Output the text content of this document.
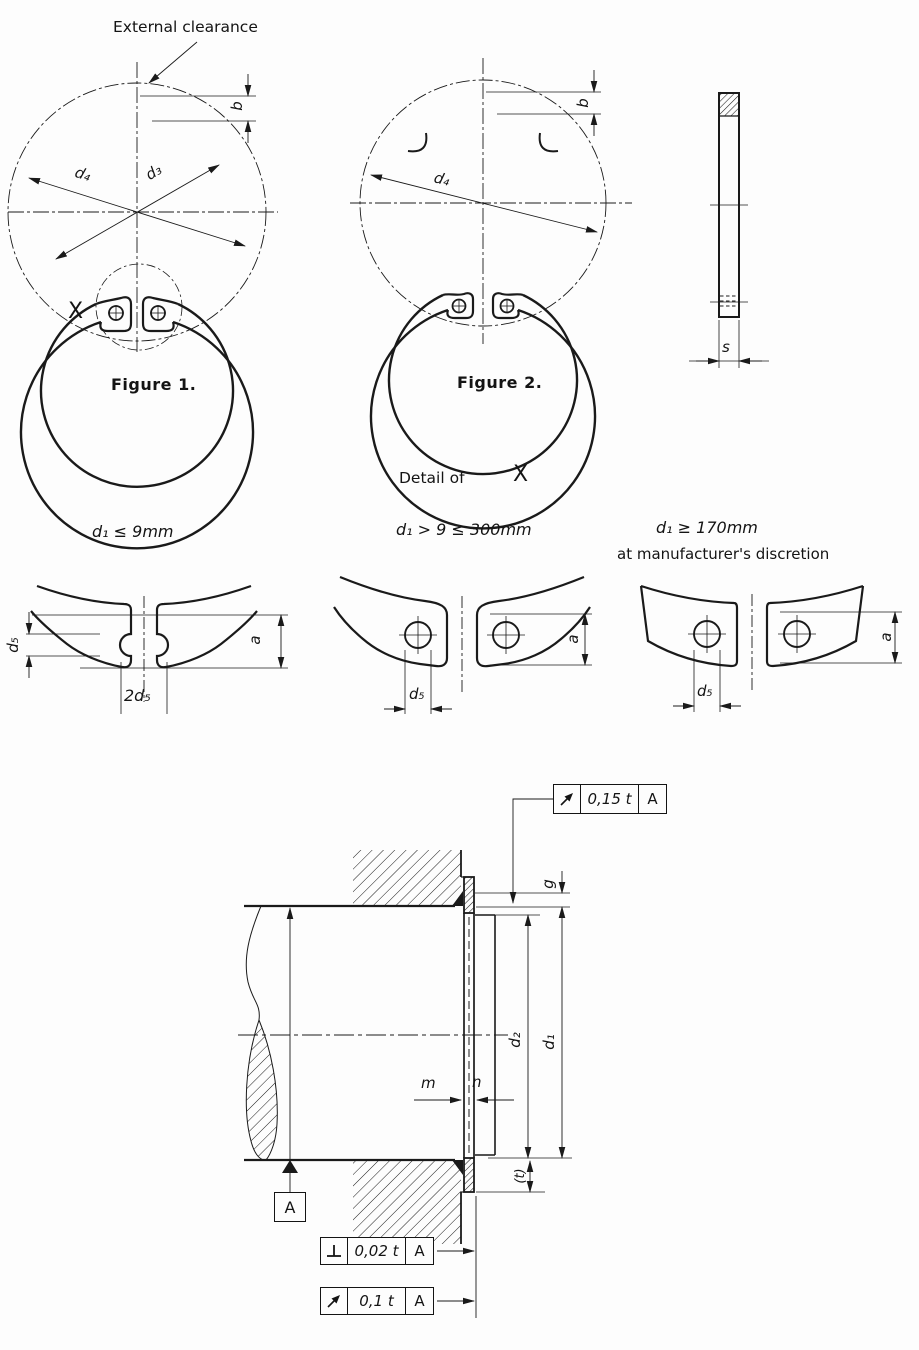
External clearance
b
d₄	d₃
X
Figure 1.
d₄
b
Figure 2.
s
Detail of X
d₁ ≤ 9mm
d₅
2d₅
a
d₁ > 9 ≤ 300mm
d₅
a
d₁ ≥ 170mm
at manufacturer's discretion
d₅
a
g
d₂ d₁
m n
(t)
A
0,15 t	A
0,02 t	A
0,1 t	A
